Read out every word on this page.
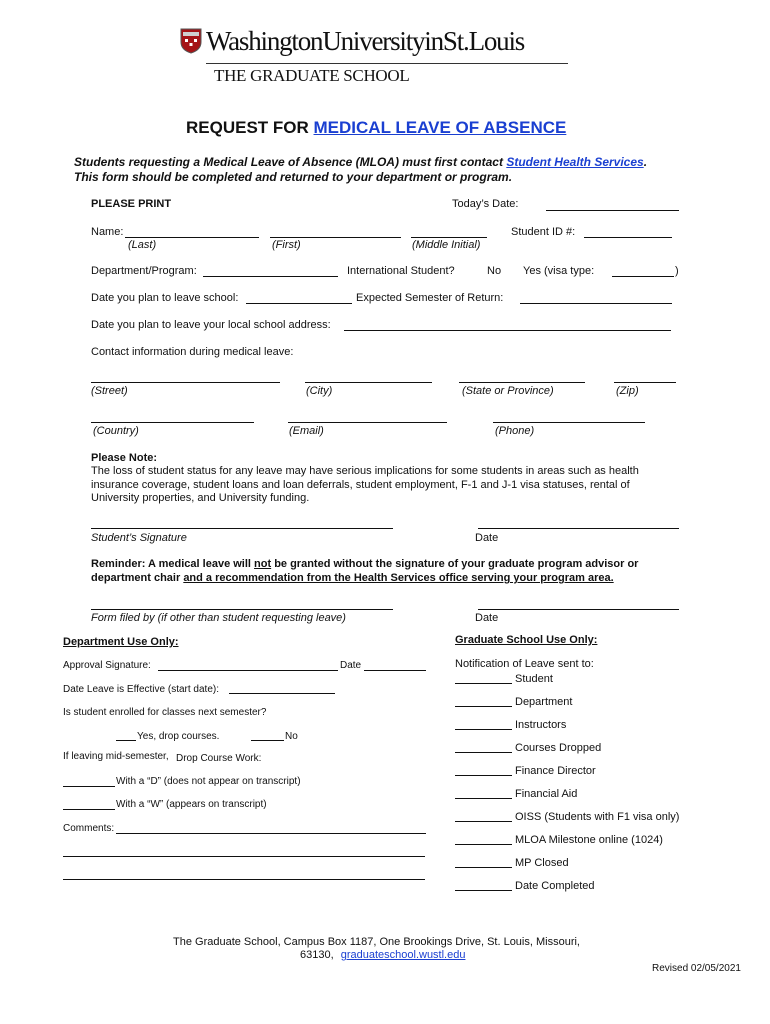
WashingtonUniversityinSt.Louis
THE GRADUATE SCHOOL
REQUEST FOR MEDICAL LEAVE OF ABSENCE
Students requesting a Medical Leave of Absence (MLOA) must first contact Student Health Services.
This form should be completed and returned to your department or program.
PLEASE PRINT	Today’s Date:
Name:	Student ID #:
(Last)	(First)	(Middle Initial)
Department/Program:	International Student?	No Yes (visa type:	)
Date you plan to leave school:	Expected Semester of Return:
Date you plan to leave your local school address:
Contact information during medical leave:
(Street)	(City)	(State or Province)	(Zip)
(Country)	(Email)	(Phone)
Please Note:
The loss of student status for any leave may have serious implications for some students in areas such as health
insurance coverage, student loans and loan deferrals, student employment, F-1 and J-1 visa statuses, rental of
University properties, and University funding.
Student’s Signature	Date
Reminder: A medical leave will not be granted without the signature of your graduate program advisor or
department chair and a recommendation from the Health Services office serving your program area.
Form filed by (if other than student requesting leave)	Date
Department Use Only:
Approval Signature:	Date
Date Leave is Effective (start date):
Is student enrolled for classes next semester?
Yes, drop courses.	No
If leaving mid-semester, Drop Course Work:
With a “D” (does not appear on transcript)
With a “W” (appears on transcript)
Comments:
Graduate School Use Only:
Notification of Leave sent to:
Student
Department
Instructors
Courses Dropped
Finance Director
Financial Aid
OISS (Students with F1 visa only)
MLOA Milestone online (1024)
MP Closed
Date Completed
The Graduate School, Campus Box 1187, One Brookings Drive, St. Louis, Missouri,
63130, graduateschool.wustl.edu
Revised 02/05/2021
